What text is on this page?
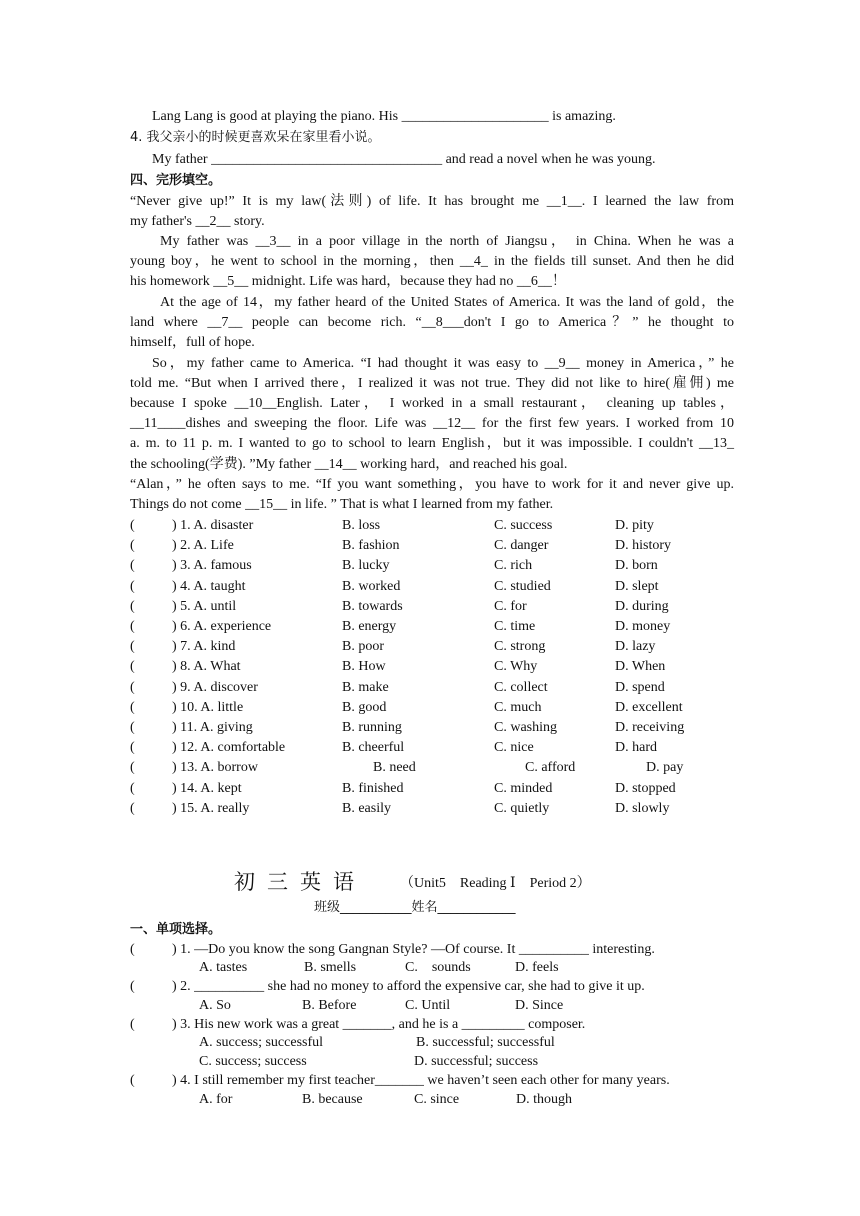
Lang Lang is good at playing the piano. His _____________________ is amazing.
4. 我父亲小的时候更喜欢呆在家里看小说。
My father _________________________________ and read a novel when he was young.
四、完形填空。
“Never give up!” It is my law(法则) of life. It has brought me __1__. I learned the law from
my father's __2__ story.
My father was __3__ in a poor village in the north of Jiangsu， in China. When he was a
young boy，he went to school in the morning，then __4_ in the fields till sunset. And then he did
his homework __5__ midnight. Life was hard，because they had no __6__！
At the age of 14，my father heard of the United States of America. It was the land of gold，the
land where __7__ people can become rich. “__8___don't I go to America？” he thought to
himself，full of hope.
So，my father came to America. “I had thought it was easy to __9__ money in America，” he
told me. “But when I arrived there，I realized it was not true. They did not like to hire(雇佣) me
because I spoke __10__English. Later， I worked in a small restaurant， cleaning up tables，
__11____dishes and sweeping the floor. Life was __12__ for the first few years. I worked from 10
a. m. to 11 p. m. I wanted to go to school to learn English，but it was impossible. I couldn't __13_
the schooling(学费). ”My father __14__ working hard，and reached his goal.
“Alan，” he often says to me. “If you want something，you have to work for it and never give up.
Things do not come __15__ in life. ” That is what I learned from my father.
(	) 1. A. disaster	B. loss	C. success	D. pity
(	) 2. A. Life	B. fashion	C. danger	D. history
(	) 3. A. famous	B. lucky	C. rich	D. born
(	) 4. A. taught	B. worked	C. studied	D. slept
(	) 5. A. until	B. towards	C. for	D. during
(	) 6. A. experience	B. energy	C. time	D. money
(	) 7. A. kind	B. poor	C. strong	D. lazy
(	) 8. A. What	B. How	C. Why	D. When
(	) 9. A. discover	B. make	C. collect	D. spend
(	) 10. A. little	B. good	C. much	D. excellent
(	) 11. A. giving	B. running	C. washing	D. receiving
(	) 12. A. comfortable	B. cheerful	C. nice	D. hard
(	) 13. A. borrow	B. need	C. afford	D. pay
(	) 14. A. kept	B. finished	C. minded	D. stopped
(	) 15. A. really	B. easily	C. quietly	D. slowly
初三英语 （Unit5    Reading Ⅰ    Period 2）
班级___________姓名____________
一、单项选择。
(	) 1. —Do you know the song Gangnan Style? —Of course. It __________ interesting.
A. tastes	B. smells	C.    sounds	D. feels
(	) 2. __________ she had no money to afford the expensive car, she had to give it up.
A. So	B. Before	C. Until	D. Since
(	) 3. His new work was a great _______, and he is a _________ composer.
A. success; successful	B. successful; successful
C. success; success	D. successful; success
(	) 4. I still remember my first teacher_______ we haven’t seen each other for many years.
A. for	B. because	C. since	D. though
